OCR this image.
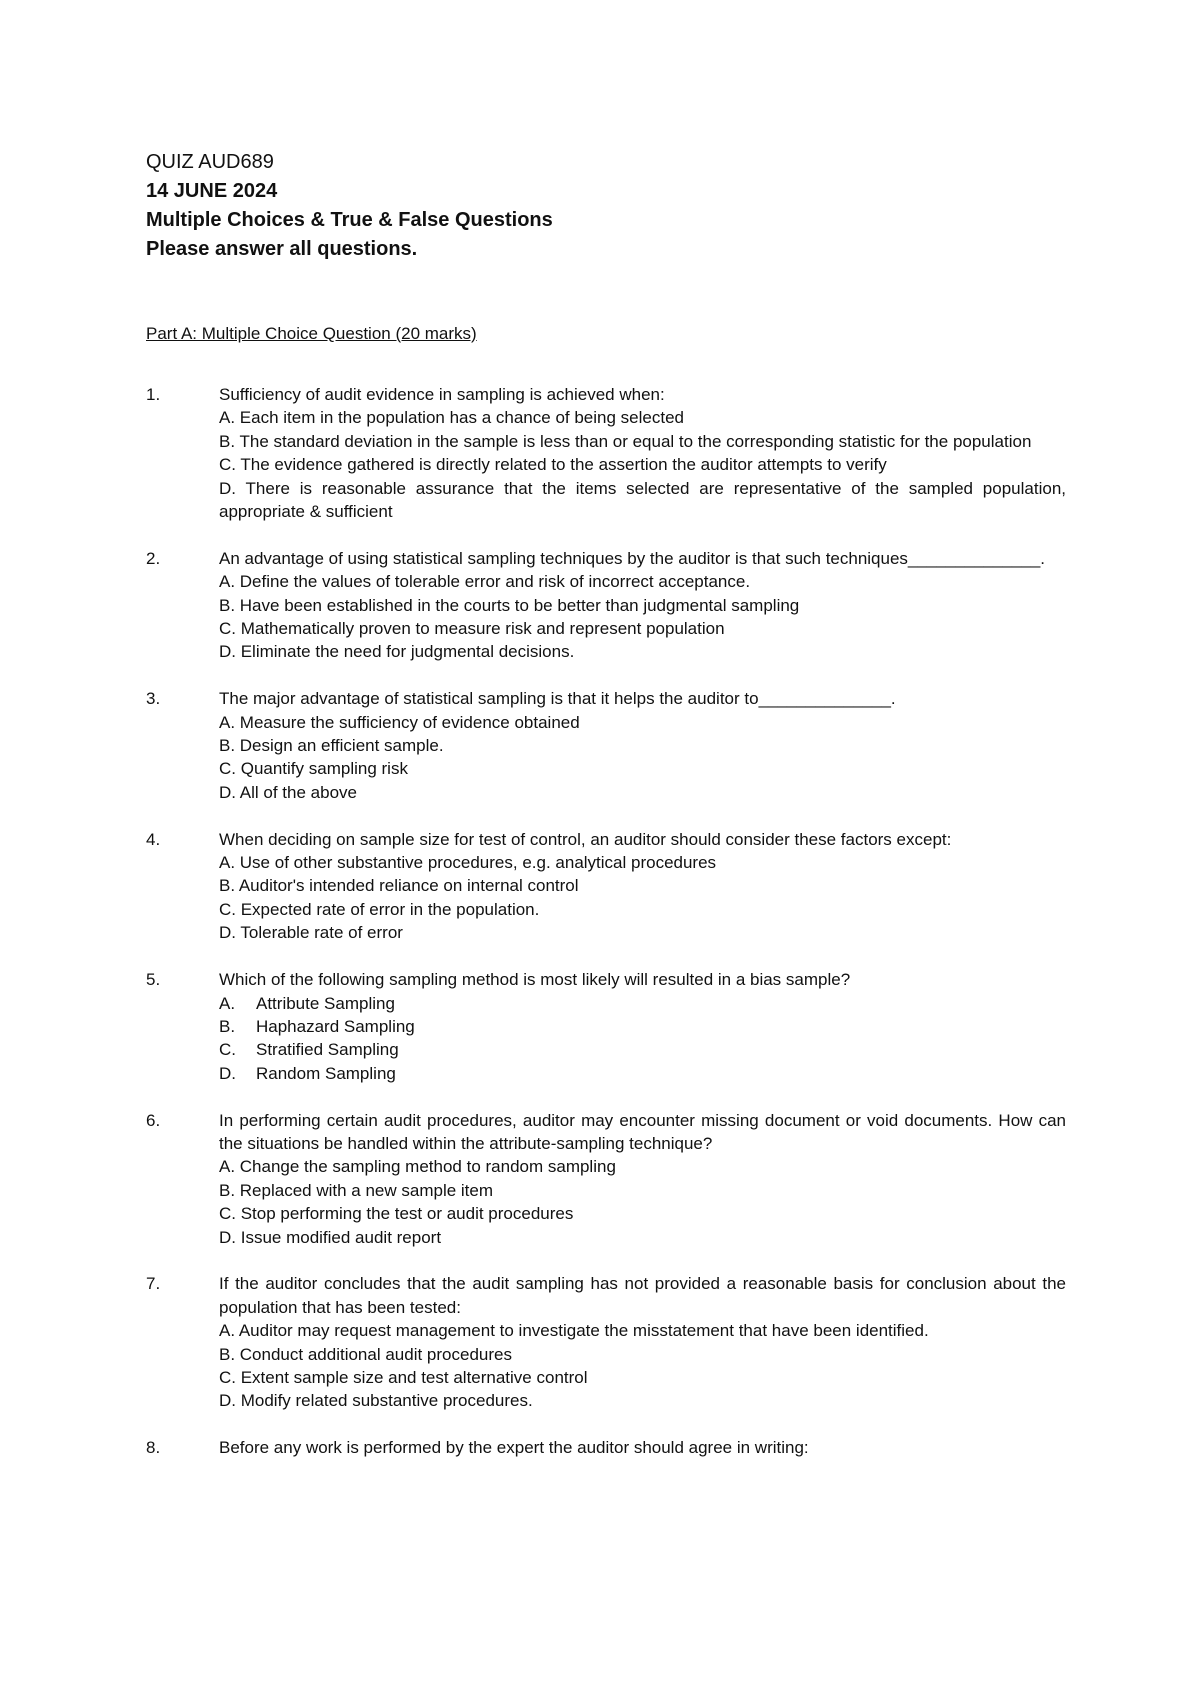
QUIZ AUD689
14 JUNE 2024
Multiple Choices & True & False Questions
Please answer all questions.
Part A: Multiple Choice Question (20 marks)
1.	Sufficiency of audit evidence in sampling is achieved when:
A. Each item in the population has a chance of being selected
B. The standard deviation in the sample is less than or equal to the corresponding statistic for the population
C. The evidence gathered is directly related to the assertion the auditor attempts to verify
D. There is reasonable assurance that the items selected are representative of the sampled population, appropriate & sufficient
2.	An advantage of using statistical sampling techniques by the auditor is that such techniques______________.
A. Define the values of tolerable error and risk of incorrect acceptance.
B. Have been established in the courts to be better than judgmental sampling
C. Mathematically proven to measure risk and represent population
D. Eliminate the need for judgmental decisions.
3.	The major advantage of statistical sampling is that it helps the auditor to______________.
A. Measure the sufficiency of evidence obtained
B. Design an efficient sample.
C. Quantify sampling risk
D. All of the above
4.	When deciding on sample size for test of control, an auditor should consider these factors except:
A. Use of other substantive procedures, e.g. analytical procedures
B. Auditor's intended reliance on internal control
C. Expected rate of error in the population.
D. Tolerable rate of error
5.	Which of the following sampling method is most likely will resulted in a bias sample?
A. Attribute Sampling
B. Haphazard Sampling
C. Stratified Sampling
D. Random Sampling
6.	In performing certain audit procedures, auditor may encounter missing document or void documents. How can the situations be handled within the attribute-sampling technique?
A. Change the sampling method to random sampling
B. Replaced with a new sample item
C. Stop performing the test or audit procedures
D. Issue modified audit report
7.	If the auditor concludes that the audit sampling has not provided a reasonable basis for conclusion about the population that has been tested:
A. Auditor may request management to investigate the misstatement that have been identified.
B. Conduct additional audit procedures
C. Extent sample size and test alternative control
D. Modify related substantive procedures.
8.	Before any work is performed by the expert the auditor should agree in writing:
